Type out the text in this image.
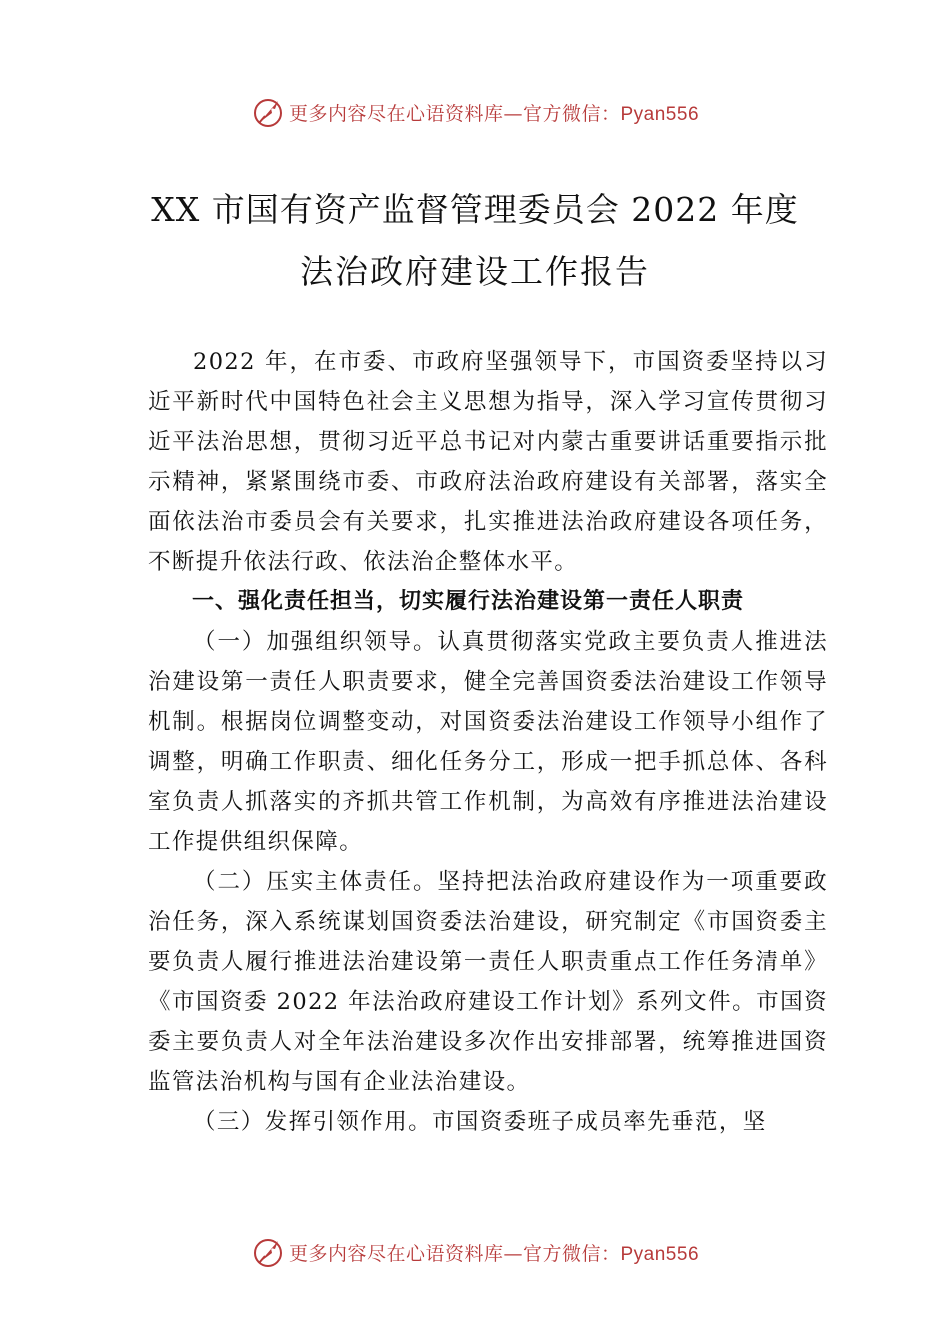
更多内容尽在心语资料库—官方微信：Pyan556
XX 市国有资产监督管理委员会 2022 年度
法治政府建设工作报告

2022 年，在市委、市政府坚强领导下，市国资委坚持以习近平新时代中国特色社会主义思想为指导，深入学习宣传贯彻习近平法治思想，贯彻习近平总书记对内蒙古重要讲话重要指示批示精神，紧紧围绕市委、市政府法治政府建设有关部署，落实全面依法治市委员会有关要求，扎实推进法治政府建设各项任务，不断提升依法行政、依法治企整体水平。

一、强化责任担当，切实履行法治建设第一责任人职责

（一）加强组织领导。认真贯彻落实党政主要负责人推进法治建设第一责任人职责要求，健全完善国资委法治建设工作领导机制。根据岗位调整变动，对国资委法治建设工作领导小组作了调整，明确工作职责、细化任务分工，形成一把手抓总体、各科室负责人抓落实的齐抓共管工作机制，为高效有序推进法治建设工作提供组织保障。

（二）压实主体责任。坚持把法治政府建设作为一项重要政治任务，深入系统谋划国资委法治建设，研究制定《市国资委主要负责人履行推进法治建设第一责任人职责重点工作任务清单》《市国资委 2022 年法治政府建设工作计划》系列文件。市国资委主要负责人对全年法治建设多次作出安排部署，统筹推进国资监管法治机构与国有企业法治建设。

（三）发挥引领作用。市国资委班子成员率先垂范，坚

更多内容尽在心语资料库—官方微信：Pyan556
